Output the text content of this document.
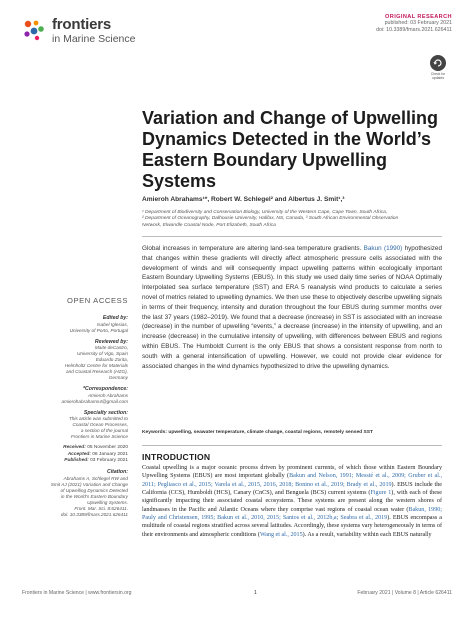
frontiers
in Marine Science
ORIGINAL RESEARCH
published: 03 February 2021
doi: 10.3389/fmars.2021.626411
Check for updates
Variation and Change of Upwelling Dynamics Detected in the World’s Eastern Boundary Upwelling Systems
Amieroh Abrahams¹*, Robert W. Schlegel² and Albertus J. Smit¹,³
¹ Department of Biodiversity and Conservation Biology, University of the Western Cape, Cape Town, South Africa,
² Department of Oceanography, Dalhousie University, Halifax, NS, Canada, ³ South African Environmental Observation
Network, Elwandle Coastal Node, Port Elizabeth, South Africa
Global increases in temperature are altering land-sea temperature gradients. Bakun (1990) hypothesized that changes within these gradients will directly affect atmospheric pressure cells associated with the development of winds and will consequently impact upwelling patterns within ecologically important Eastern Boundary Upwelling Systems (EBUS). In this study we used daily time series of NOAA Optimally Interpolated sea surface temperature (SST) and ERA 5 reanalysis wind products to calculate a series novel of metrics related to upwelling dynamics. We then use these to objectively describe upwelling signals in terms of their frequency, intensity and duration throughout the four EBUS during summer months over the last 37 years (1982–2019). We found that a decrease (increase) in SST is associated with an increase (decrease) in the number of upwelling “events,” a decrease (increase) in the intensity of upwelling, and an increase (decrease) in the cumulative intensity of upwelling, with differences between EBUS and regions within EBUS. The Humboldt Current is the only EBUS that shows a consistent response from north to south with a general intensification of upwelling. However, we could not provide clear evidence for associated changes in the wind dynamics hypothesized to drive the upwelling dynamics.
Keywords: upwelling, seawater temperature, climate change, coastal regions, remotely sensed SST
OPEN ACCESS
Edited by:
Isabel Iglesias,
University of Porto, Portugal
Reviewed by:
Maite deCastro,
University of Vigo, Spain
Eduardo Zorita,
Helmholtz Centre for Materials
and Coastal Research (HZG),
Germany
*Correspondence:
Amieroh Abrahams
amierohabrahams4@gmail.com
Specialty section:
This article was submitted to
Coastal Ocean Processes,
a section of the journal
Frontiers in Marine Science
Received: 05 November 2020
Accepted: 08 January 2021
Published: 03 February 2021
Citation:
Abrahams A, Schlegel RW and
Smit AJ (2021) Variation and Change
of Upwelling Dynamics Detected
in the World’s Eastern Boundary
Upwelling Systems.
Front. Mar. Sci. 8:626411.
doi: 10.3389/fmars.2021.626411
INTRODUCTION
Coastal upwelling is a major oceanic process driven by prominent currents, of which those within Eastern Boundary Upwelling Systems (EBUS) are most important globally (Bakun and Nelson, 1991; Messié et al., 2009; Gruber et al., 2011; Pegliasco et al., 2015; Varela et al., 2015, 2016, 2018; Bonino et al., 2019; Brady et al., 2019). EBUS include the California (CCS), Humboldt (HCS), Canary (CnCS), and Benguela (BCS) current systems (Figure 1), with each of these significantly impacting their associated coastal ecosystems. These systems are present along the western shores of landmasses in the Pacific and Atlantic Oceans where they comprise vast regions of coastal ocean water (Bakun, 1990; Pauly and Christensen, 1995; Bakun et al., 2010, 2015; Santos et al., 2012b,a; Seabra et al., 2019). EBUS encompass a multitude of coastal regions stratified across several latitudes. Accordingly, these systems vary heterogeneously in terms of their environments and atmospheric conditions (Wang et al., 2015). As a result, variability within each EBUS naturally
Frontiers in Marine Science | www.frontiersin.org	1	February 2021 | Volume 8 | Article 626411
